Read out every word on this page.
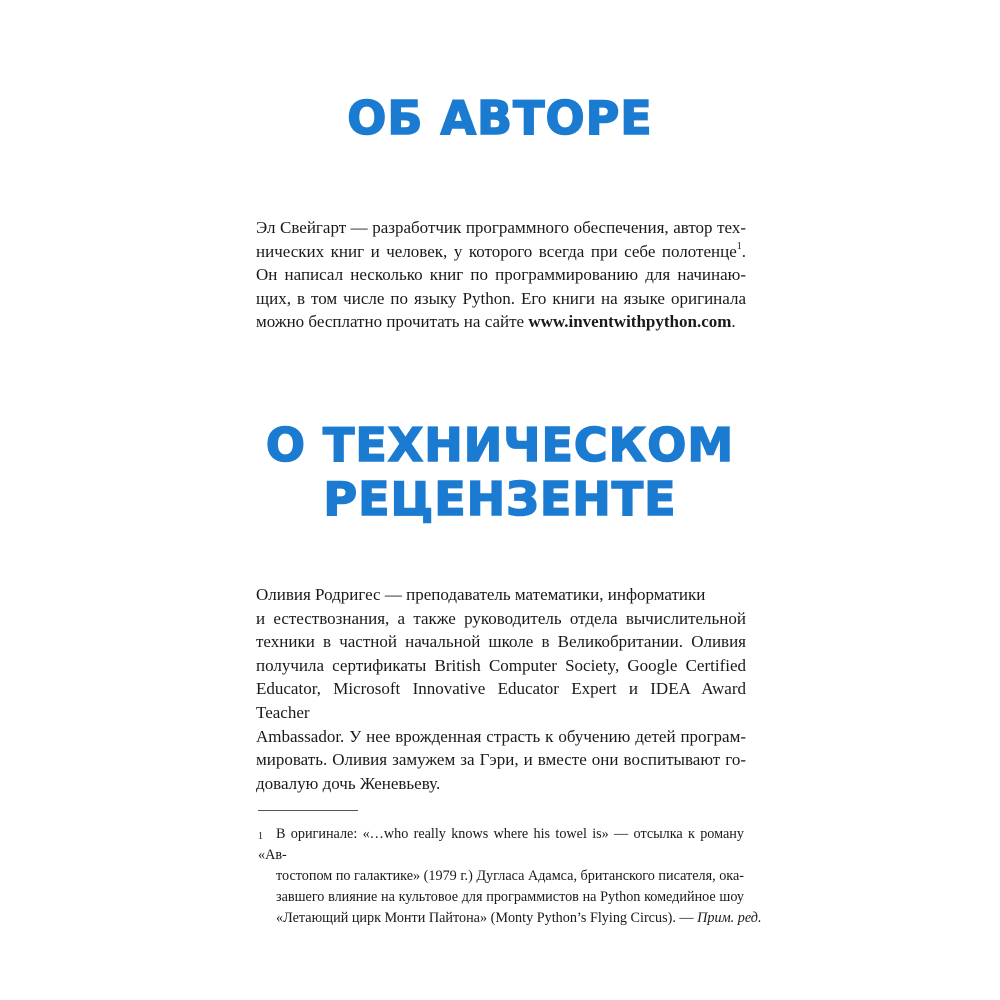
ОБ АВТОРЕ

Эл Свейгарт — разработчик программного обеспечения, автор тех-
нических книг и человек, у которого всегда при себе полотенце$^1$.
Он написал несколько книг по программированию для начинаю-
щих, в том числе по языку Python. Его книги на языке оригинала
можно бесплатно прочитать на сайте www.inventwithpython.com.

О ТЕХНИЧЕСКОМ
РЕЦЕНЗЕНТЕ

Оливия Родригес — преподаватель математики, информатики
и естествознания, а также руководитель отдела вычислительной
техники в частной начальной школе в Великобритании. Оливия
получила сертификаты British Computer Society, Google Certified
Educator, Microsoft Innovative Educator Expert и IDEA Award Teacher
Ambassador. У нее врожденная страсть к обучению детей програм-
мировать. Оливия замужем за Гэри, и вместе они воспитывают го-
довалую дочь Женевьеву.

1 В оригинале: «…who really knows where his towel is» — отсылка к роману «Ав-
тостопом по галактике» (1979 г.) Дугласа Адамса, британского писателя, ока-
завшего влияние на культовое для программистов на Python комедийное шоу
«Летающий цирк Монти Пайтона» (Monty Python’s Flying Circus). — Прим. ред.
